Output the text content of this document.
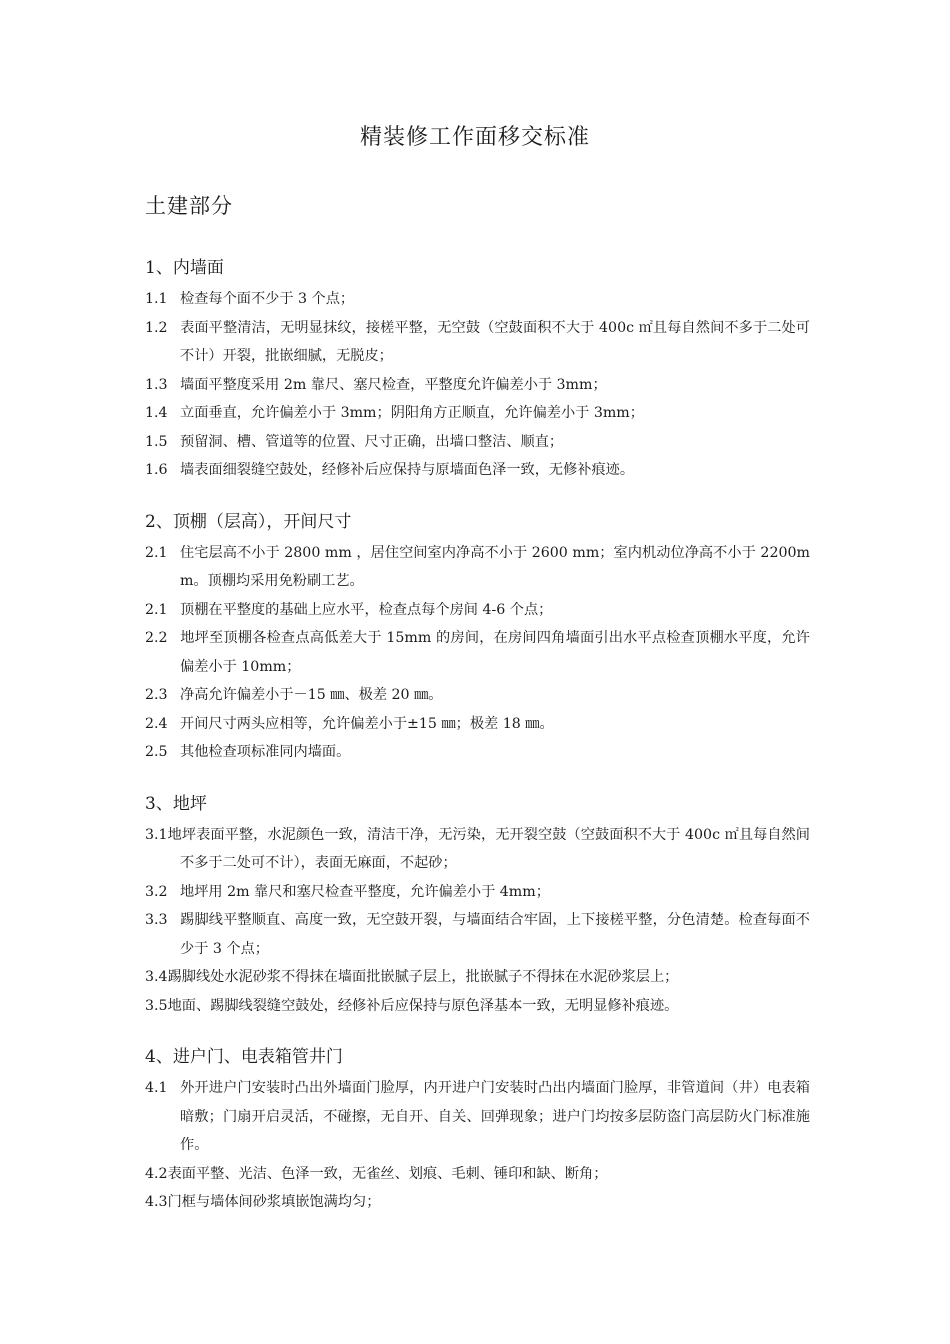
精装修工作面移交标准
土建部分
1、内墙面
1.1 检查每个面不少于 3 个点；
1.2 表面平整清洁，无明显抹纹，接槎平整，无空鼓（空鼓面积不大于 400c ㎡且每自然间不多于二处可不计）开裂，批嵌细腻，无脱皮；
1.3 墙面平整度采用 2m 靠尺、塞尺检查，平整度允许偏差小于 3mm；
1.4 立面垂直，允许偏差小于 3mm；阴阳角方正顺直，允许偏差小于 3mm；
1.5 预留洞、槽、管道等的位置、尺寸正确，出墙口整洁、顺直；
1.6 墙表面细裂缝空鼓处，经修补后应保持与原墙面色泽一致，无修补痕迹。
2、顶棚（层高），开间尺寸
2.1 住宅层高不小于 2800 mm ，居住空间室内净高不小于 2600 mm；室内机动位净高不小于 2200mm。顶棚均采用免粉刷工艺。
2.1 顶棚在平整度的基础上应水平，检查点每个房间 4-6 个点；
2.2 地坪至顶棚各检查点高低差大于 15mm 的房间，在房间四角墙面引出水平点检查顶棚水平度，允许偏差小于 10mm；
2.3 净高允许偏差小于－15 ㎜、极差 20 ㎜。
2.4 开间尺寸两头应相等，允许偏差小于±15 ㎜；极差 18 ㎜。
2.5 其他检查项标准同内墙面。
3、地坪
3.1地坪表面平整，水泥颜色一致，清洁干净，无污染，无开裂空鼓（空鼓面积不大于 400c ㎡且每自然间不多于二处可不计），表面无麻面，不起砂；
3.2 地坪用 2m 靠尺和塞尺检查平整度，允许偏差小于 4mm；
3.3 踢脚线平整顺直、高度一致，无空鼓开裂，与墙面结合牢固，上下接槎平整，分色清楚。检查每面不少于 3 个点；
3.4踢脚线处水泥砂浆不得抹在墙面批嵌腻子层上，批嵌腻子不得抹在水泥砂浆层上；
3.5地面、踢脚线裂缝空鼓处，经修补后应保持与原色泽基本一致，无明显修补痕迹。
4、进户门、电表箱管井门
4.1 外开进户门安装时凸出外墙面门脸厚，内开进户门安装时凸出内墙面门脸厚，非管道间（井）电表箱暗敷；门扇开启灵活，不碰擦，无自开、自关、回弹现象；进户门均按多层防盗门高层防火门标准施作。
4.2表面平整、光洁、色泽一致，无雀丝、划痕、毛刺、锤印和缺、断角；
4.3门框与墙体间砂浆填嵌饱满均匀；
